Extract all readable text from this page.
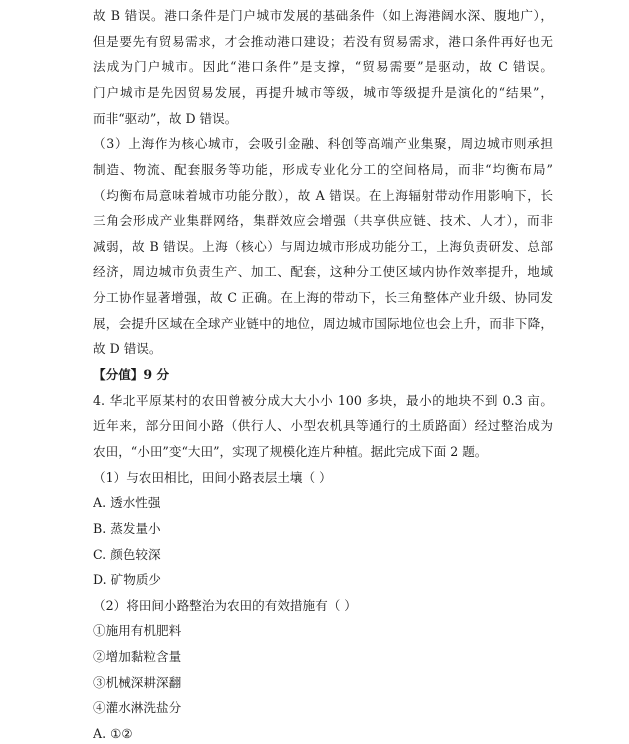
故 B 错误。港口条件是门户城市发展的基础条件（如上海港阔水深、腹地广），
但是要先有贸易需求，才会推动港口建设；若没有贸易需求，港口条件再好也无
法成为门户城市。因此“港口条件”是支撑，“贸易需要”是驱动，故 C 错误。
门户城市是先因贸易发展，再提升城市等级，城市等级提升是演化的“结果”，
而非“驱动”，故 D 错误。
（3）上海作为核心城市，会吸引金融、科创等高端产业集聚，周边城市则承担
制造、物流、配套服务等功能，形成专业化分工的空间格局，而非“均衡布局”
（均衡布局意味着城市功能分散），故 A 错误。在上海辐射带动作用影响下，长
三角会形成产业集群网络，集群效应会增强（共享供应链、技术、人才），而非
减弱，故 B 错误。上海（核心）与周边城市形成功能分工，上海负责研发、总部
经济，周边城市负责生产、加工、配套，这种分工使区域内协作效率提升，地域
分工协作显著增强，故 C 正确。在上海的带动下，长三角整体产业升级、协同发
展，会提升区域在全球产业链中的地位，周边城市国际地位也会上升，而非下降，
故 D 错误。
【分值】9 分
4. 华北平原某村的农田曾被分成大大小小 100 多块，最小的地块不到 0.3 亩。
近年来，部分田间小路（供行人、小型农机具等通行的土质路面）经过整治成为
农田，“小田”变“大田”，实现了规模化连片种植。据此完成下面 2 题。
（1）与农田相比，田间小路表层土壤（ ）
A. 透水性强
B. 蒸发量小
C. 颜色较深
D. 矿物质少
（2）将田间小路整治为农田的有效措施有（ ）
①施用有机肥料
②增加黏粒含量
③机械深耕深翻
④灌水淋洗盐分
A. ①②
